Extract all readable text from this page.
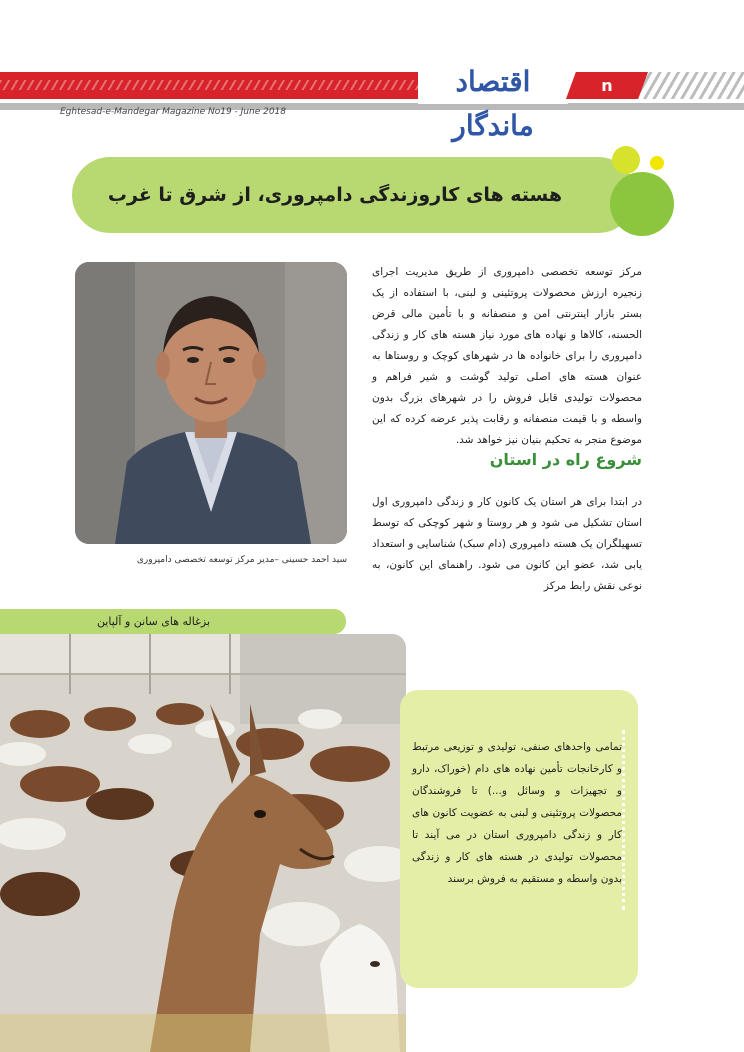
اقتصاد ماندگار
n
Eghtesad-e-Mandegar Magazine No19 - June 2018
هسته های کاروزندگی دامپروری، از شرق تا غرب
سید احمد حسینی –مدیر مرکز توسعه تخصصی دامپروری
مرکز توسعه تخصصی دامپروری از طریق مدیریت اجرای زنجیره ارزش محصولات پروتئینی و لبنی، با استفاده از یک بستر بازار اینترنتی امن و منصفانه و با تأمین مالی قرض الحسنه، کالاها و نهاده های مورد نیاز هسته های کار و زندگی دامپروری را برای خانواده ها در شهرهای کوچک و روستاها به عنوان هسته های اصلی تولید گوشت و شیر فراهم و محصولات تولیدی قابل فروش را در شهرهای بزرگ بدون واسطه و با قیمت منصفانه و رقابت پذیر عرضه کرده که این موضوع منجر به تحکیم بنیان نیز خواهد شد.
شروع راه در استان
در ابتدا برای هر استان یک کانون کار و زندگی دامپروری اول استان تشکیل می شود و هر روستا و شهر کوچکی که توسط تسهیلگران یک هسته دامپروری (دام سبک) شناسایی و استعداد یابی شد، عضو این کانون می شود. راهنمای این کانون، به نوعی نقش رابط مرکز
بزغاله های سانن و آلپاین
تمامی واحدهای صنفی، تولیدی و توزیعی مرتبط و کارخانجات تأمین نهاده های دام (خوراک، دارو و تجهیزات و وسائل و...) تا فروشندگان محصولات پروتئینی و لبنی به عضویت کانون های کار و زندگی دامپروری استان در می آیند تا محصولات تولیدی در هسته های کار و زندگی بدون واسطه و مستقیم به فروش برسند
